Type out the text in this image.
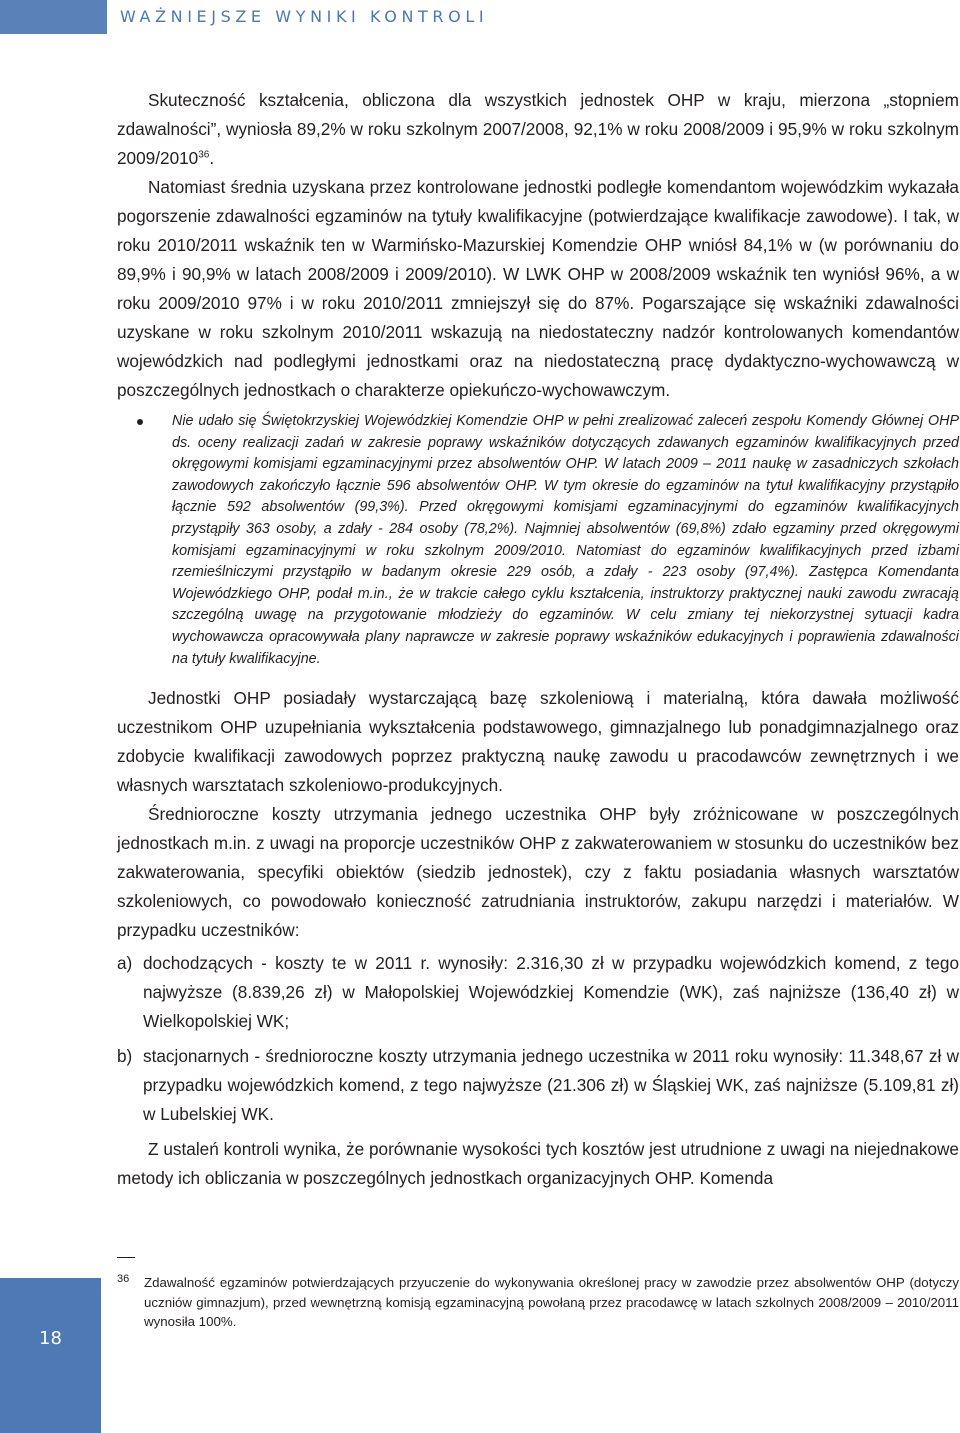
WAŻNIEJSZE WYNIKI KONTROLI

Skuteczność kształcenia, obliczona dla wszystkich jednostek OHP w kraju, mierzona „stopniem zdawalności”, wyniosła 89,2% w roku szkolnym 2007/2008, 92,1% w roku 2008/2009 i 95,9% w roku szkolnym 2009/2010$^{36}$.

Natomiast średnia uzyskana przez kontrolowane jednostki podległe komendantom wojewódzkim wykazała pogorszenie zdawalności egzaminów na tytuły kwalifikacyjne (potwierdzające kwalifikacje zawodowe). I tak, w roku 2010/2011 wskaźnik ten w Warmińsko-Mazurskiej Komendzie OHP wniósł 84,1% w (w porównaniu do 89,9% i 90,9% w latach 2008/2009 i 2009/2010). W LWK OHP w 2008/2009 wskaźnik ten wyniósł 96%, a w roku 2009/2010 97% i w roku 2010/2011 zmniejszył się do 87%. Pogarszające się wskaźniki zdawalności uzyskane w roku szkolnym 2010/2011 wskazują na niedostateczny nadzór kontrolowanych komendantów wojewódzkich nad podległymi jednostkami oraz na niedostateczną pracę dydaktyczno-wychowawczą w poszczególnych jednostkach o charakterze opiekuńczo-wychowawczym.

Nie udało się Świętokrzyskiej Wojewódzkiej Komendzie OHP w pełni zrealizować zaleceń zespołu Komendy Głównej OHP ds. oceny realizacji zadań w zakresie poprawy wskaźników dotyczących zdawanych egzaminów kwalifikacyjnych przed okręgowymi komisjami egzaminacyjnymi przez absolwentów OHP. W latach 2009 – 2011 naukę w zasadniczych szkołach zawodowych zakończyło łącznie 596 absolwentów OHP. W tym okresie do egzaminów na tytuł kwalifikacyjny przystąpiło łącznie 592 absolwentów (99,3%). Przed okręgowymi komisjami egzaminacyjnymi do egzaminów kwalifikacyjnych przystąpiły 363 osoby, a zdały - 284 osoby (78,2%). Najmniej absolwentów (69,8%) zdało egzaminy przed okręgowymi komisjami egzaminacyjnymi w roku szkolnym 2009/2010. Natomiast do egzaminów kwalifikacyjnych przed izbami rzemieślniczymi przystąpiło w badanym okresie 229 osób, a zdały - 223 osoby (97,4%). Zastępca Komendanta Wojewódzkiego OHP, podał m.in., że w trakcie całego cyklu kształcenia, instruktorzy praktycznej nauki zawodu zwracają szczególną uwagę na przygotowanie młodzieży do egzaminów. W celu zmiany tej niekorzystnej sytuacji kadra wychowawcza opracowywała plany naprawcze w zakresie poprawy wskaźników edukacyjnych i poprawienia zdawalności na tytuły kwalifikacyjne.

Jednostki OHP posiadały wystarczającą bazę szkoleniową i materialną, która dawała możliwość uczestnikom OHP uzupełniania wykształcenia podstawowego, gimnazjalnego lub ponadgimnazjalnego oraz zdobycie kwalifikacji zawodowych poprzez praktyczną naukę zawodu u pracodawców zewnętrznych i we własnych warsztatach szkoleniowo-produkcyjnych.

Średnioroczne koszty utrzymania jednego uczestnika OHP były zróżnicowane w poszczególnych jednostkach m.in. z uwagi na proporcje uczestników OHP z zakwaterowaniem w stosunku do uczestników bez zakwaterowania, specyfiki obiektów (siedzib jednostek), czy z faktu posiadania własnych warsztatów szkoleniowych, co powodowało konieczność zatrudniania instruktorów, zakupu narzędzi i materiałów. W przypadku uczestników:

a) dochodzących - koszty te w 2011 r. wynosiły: 2.316,30 zł w przypadku wojewódzkich komend, z tego najwyższe (8.839,26 zł) w Małopolskiej Wojewódzkiej Komendzie (WK), zaś najniższe (136,40 zł) w Wielkopolskiej WK;
b) stacjonarnych - średnioroczne koszty utrzymania jednego uczestnika w 2011 roku wynosiły: 11.348,67 zł w przypadku wojewódzkich komend, z tego najwyższe (21.306 zł) w Śląskiej WK, zaś najniższe (5.109,81 zł) w Lubelskiej WK.

Z ustaleń kontroli wynika, że porównanie wysokości tych kosztów jest utrudnione z uwagi na niejednakowe metody ich obliczania w poszczególnych jednostkach organizacyjnych OHP. Komenda

36 Zdawalność egzaminów potwierdzających przyuczenie do wykonywania określonej pracy w zawodzie przez absolwentów OHP (dotyczy uczniów gimnazjum), przed wewnętrzną komisją egzaminacyjną powołaną przez pracodawcę w latach szkolnych 2008/2009 – 2010/2011 wynosiła 100%.
18
